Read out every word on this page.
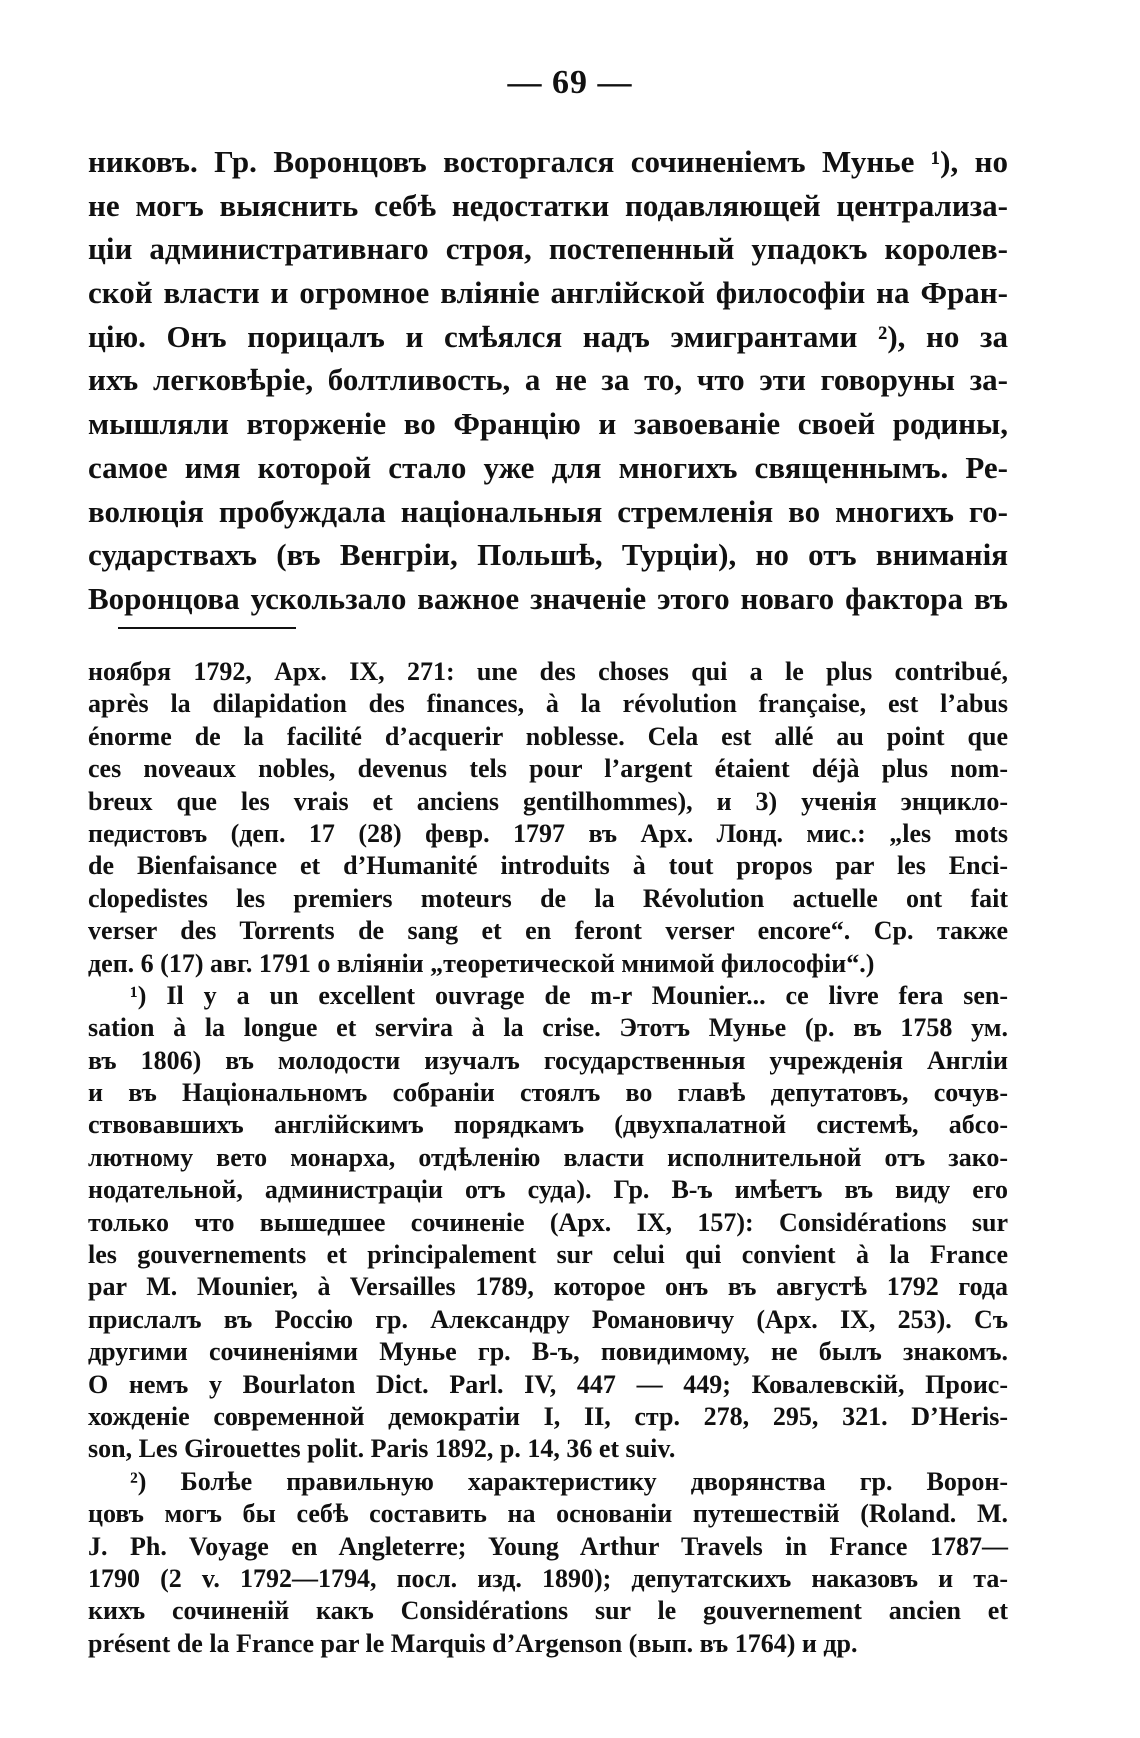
— 69 —
никовъ. Гр. Воронцовъ восторгался сочиненіемъ Мунье ¹), но
не могъ выяснить себѣ недостатки подавляющей централиза-
ціи административнаго строя, постепенный упадокъ королев-
ской власти и огромное вліяніе англійской философіи на Фран-
цію. Онъ порицалъ и смѣялся надъ эмигрантами ²), но за
ихъ легковѣріе, болтливость, а не за то, что эти говоруны за-
мышляли вторженіе во Францію и завоеваніе своей родины,
самое имя которой стало уже для многихъ священнымъ. Ре-
волюція пробуждала національныя стремленія во многихъ го-
сударствахъ (въ Венгріи, Польшѣ, Турціи), но отъ вниманія
Воронцова ускользало важное значеніе этого новаго фактора въ
ноября 1792, Арх. IX, 271: une des choses qui a le plus contribué,
après la dilapidation des finances, à la révolution française, est l’abus
énorme de la facilité d’acquerir noblesse. Cela est allé au point que
ces noveaux nobles, devenus tels pour l’argent étaient déjà plus nom-
breux que les vrais et anciens gentilhommes), и 3) ученія энцикло-
педистовъ (деп. 17 (28) февр. 1797 въ Арх. Лонд. мис.: „les mots
de Bienfaisance et d’Humanité introduits à tout propos par les Enci-
clopedistes les premiers moteurs de la Révolution actuelle ont fait
verser des Torrents de sang et en feront verser encore“. Ср. также
деп. 6 (17) авг. 1791 о вліяніи „теоретической мнимой философіи“.)
¹) Il y a un excellent ouvrage de m-r Mounier... ce livre fera sen-
sation à la longue et servira à la crise. Этотъ Мунье (р. въ 1758 ум.
въ 1806) въ молодости изучалъ государственныя учрежденія Англіи
и въ Національномъ собраніи стоялъ во главѣ депутатовъ, сочув-
ствовавшихъ англійскимъ порядкамъ (двухпалатной системѣ, абсо-
лютному вето монарха, отдѣленію власти исполнительной отъ зако-
нодательной, администраціи отъ суда). Гр. В-ъ имѣетъ въ виду его
только что вышедшее сочиненіе (Арх. IX, 157): Considérations sur
les gouvernements et principalement sur celui qui convient à la France
par M. Mounier, à Versailles 1789, которое онъ въ августѣ 1792 года
прислалъ въ Россію гр. Александру Романовичу (Арх. IX, 253). Съ
другими сочиненіями Мунье гр. В-ъ, повидимому, не былъ знакомъ.
О немъ у Bourlaton Dict. Parl. IV, 447 — 449; Ковалевскій, Проис-
хожденіе современной демократіи I, II, стр. 278, 295, 321. D’Heris-
son, Les Girouettes polit. Paris 1892, p. 14, 36 et suiv.
²) Болѣе правильную характеристику дворянства гр. Ворон-
цовъ могъ бы себѣ составить на основаніи путешествій (Roland. M.
J. Ph. Voyage en Angleterre; Young Arthur Travels in France 1787—
1790 (2 v. 1792—1794, посл. изд. 1890); депутатскихъ наказовъ и та-
кихъ сочиненій какъ Considérations sur le gouvernement ancien et
présent de la France par le Marquis d’Argenson (вып. въ 1764) и др.
